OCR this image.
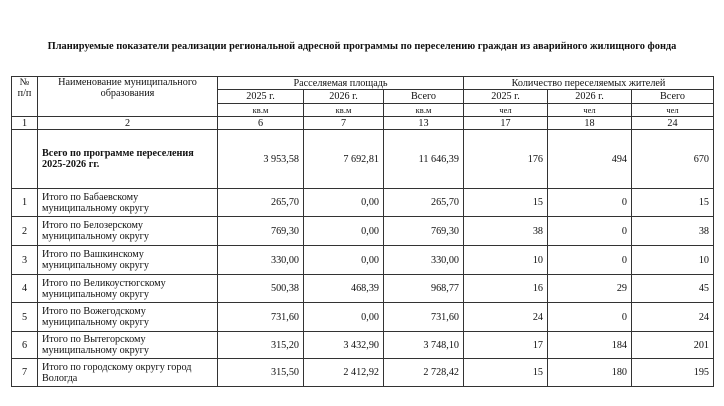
Планируемые показатели реализации региональной адресной программы по переселению граждан из аварийного жилищного фонда
№ п/п	Наименование муниципального образования	Расселяемая площадь			Количество переселяемых жителей		
		2025 г.	2026 г.	Всего	2025 г.	2026 г.	Всего
		кв.м	кв.м	кв.м	чел	чел	чел
1	2	6	7	13	17	18	24
	Всего по программе переселения 2025-2026 гг.	3 953,58	7 692,81	11 646,39	176	494	670
1	Итого по Бабаевскому муниципальному округу	265,70	0,00	265,70	15	0	15
2	Итого по Белозерскому муниципальному округу	769,30	0,00	769,30	38	0	38
3	Итого по Вашкинскому муниципальному округу	330,00	0,00	330,00	10	0	10
4	Итого по Великоустюгскому муниципальному округу	500,38	468,39	968,77	16	29	45
5	Итого по Вожегодскому муниципальному округу	731,60	0,00	731,60	24	0	24
6	Итого по Вытегорскому муниципальному округу	315,20	3 432,90	3 748,10	17	184	201
7	Итого по городскому округу город Вологда	315,50	2 412,92	2 728,42	15	180	195
